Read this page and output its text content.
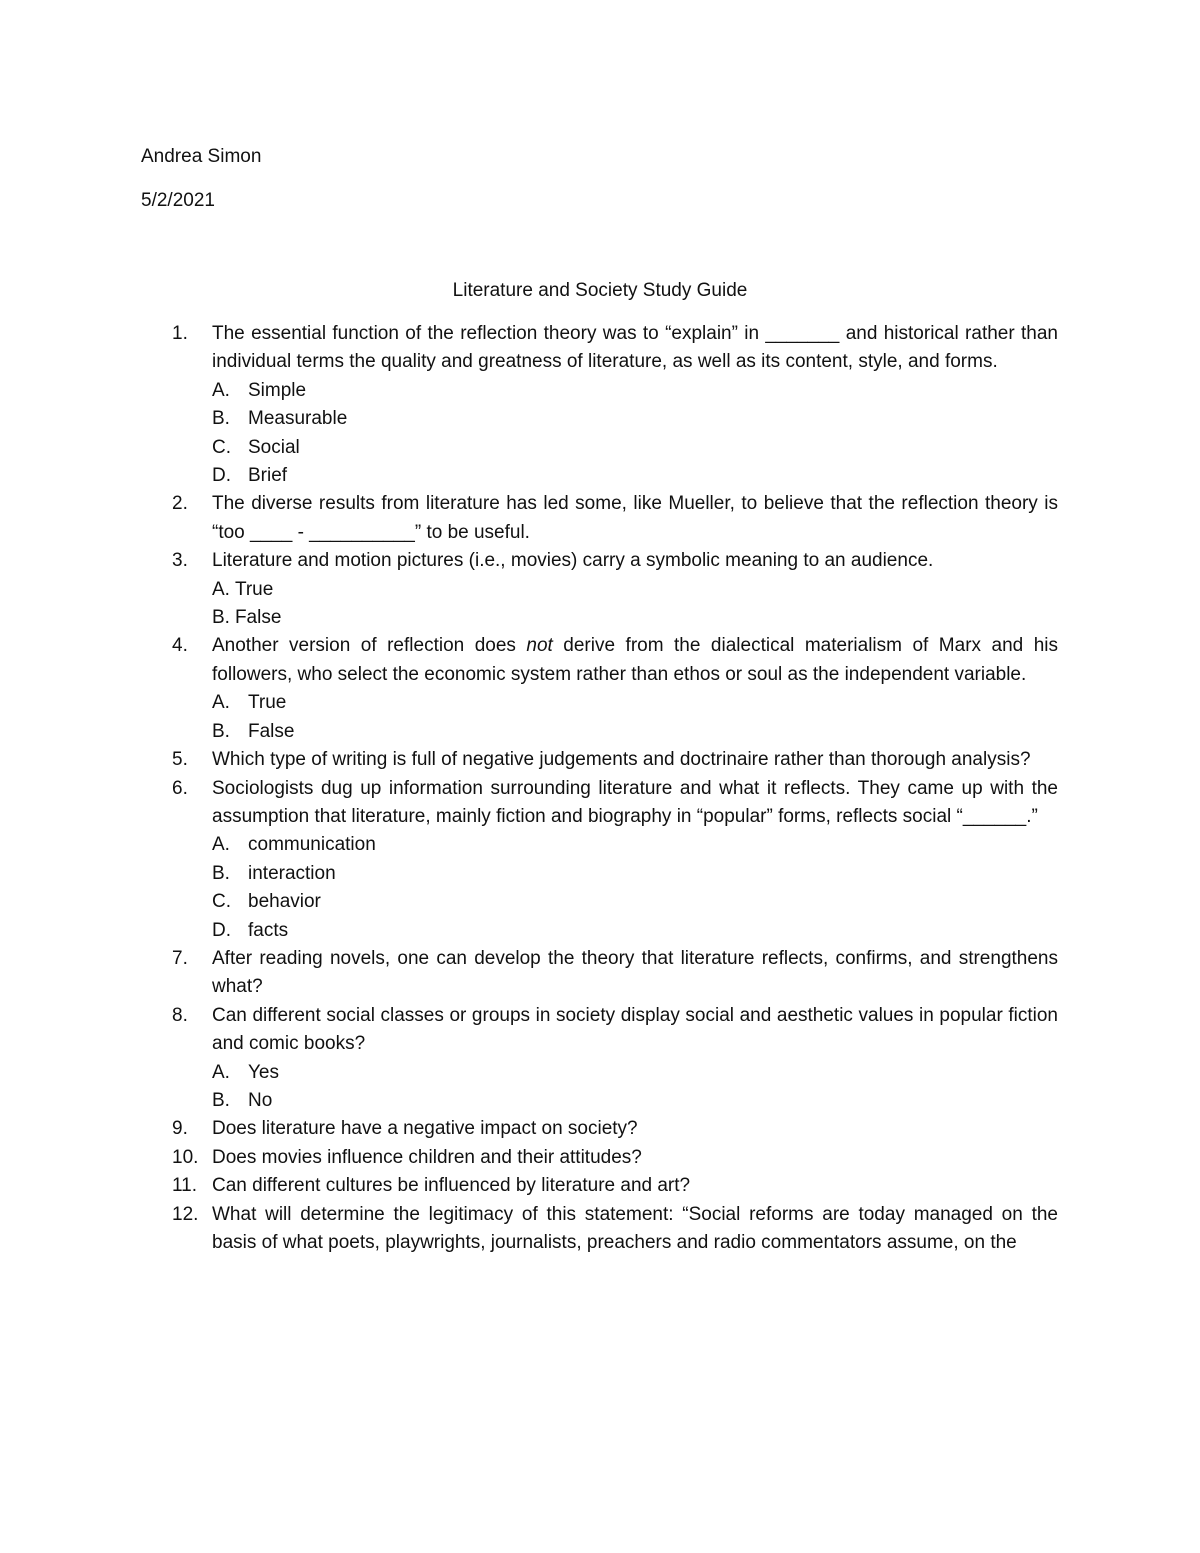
Andrea Simon
5/2/2021
Literature and Society Study Guide
1.	The essential function of the reflection theory was to “explain” in _______ and historical rather than individual terms the quality and greatness of literature, as well as its content, style, and forms.
A. Simple
B. Measurable
C. Social
D. Brief
2.	The diverse results from literature has led some, like Mueller, to believe that the reflection theory is “too ____ - __________” to be useful.
3.	Literature and motion pictures (i.e., movies) carry a symbolic meaning to an audience.
A. True
B. False
4.	Another version of reflection does not derive from the dialectical materialism of Marx and his followers, who select the economic system rather than ethos or soul as the independent variable.
A. True
B. False
5.	Which type of writing is full of negative judgements and doctrinaire rather than thorough analysis?
6.	Sociologists dug up information surrounding literature and what it reflects. They came up with the assumption that literature, mainly fiction and biography in “popular” forms, reflects social “______.”
A. communication
B. interaction
C. behavior
D. facts
7.	After reading novels, one can develop the theory that literature reflects, confirms, and strengthens what?
8.	Can different social classes or groups in society display social and aesthetic values in popular fiction and comic books?
A. Yes
B. No
9.	Does literature have a negative impact on society?
10. Does movies influence children and their attitudes?
11. Can different cultures be influenced by literature and art?
12. What will determine the legitimacy of this statement: “Social reforms are today managed on the basis of what poets, playwrights, journalists, preachers and radio commentators assume, on the
